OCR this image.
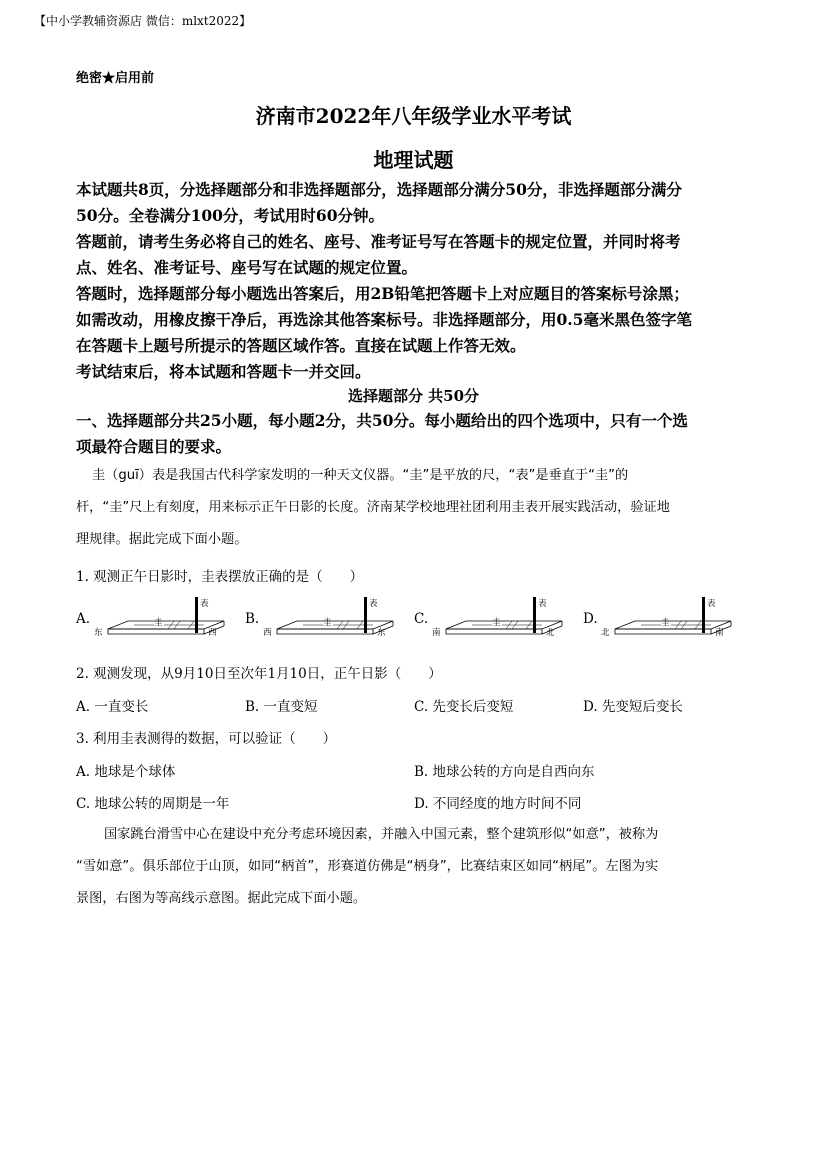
【中小学教辅资源店 微信：mlxt2022】
绝密★启用前
济南市2022年八年级学业水平考试
地理试题
本试题共8页，分选择题部分和非选择题部分，选择题部分满分50分，非选择题部分满分
50分。全卷满分100分，考试用时60分钟。
答题前，请考生务必将自己的姓名、座号、准考证号写在答题卡的规定位置，并同时将考
点、姓名、准考证号、座号写在试题的规定位置。
答题时，选择题部分每小题选出答案后，用2B铅笔把答题卡上对应题目的答案标号涂黑；
如需改动，用橡皮擦干净后，再选涂其他答案标号。非选择题部分，用0.5毫米黑色签字笔
在答题卡上题号所提示的答题区域作答。直接在试题上作答无效。
考试结束后，将本试题和答题卡一并交回。
选择题部分 共50分
一、选择题部分共25小题，每小题2分，共50分。每小题给出的四个选项中，只有一个选
项最符合题目的要求。
圭（guī）表是我国古代科学家发明的一种天文仪器。“圭”是平放的尺，“表”是垂直于“圭”的
杆，“圭”尺上有刻度，用来标示正午日影的长度。济南某学校地理社团利用圭表开展实践活动，验证地
理规律。据此完成下面小题。
1. 观测正午日影时，圭表摆放正确的是（　　）
A.
东	西
圭
表
B.
西	东
圭
表
C.
南	北
圭
表
D.
北	南
圭
表
2. 观测发现，从9月10日至次年1月10日，正午日影（　　）
A. 一直变长	B. 一直变短	C. 先变长后变短	D. 先变短后变长
3. 利用圭表测得的数据，可以验证（　　）
A. 地球是个球体	B. 地球公转的方向是自西向东
C. 地球公转的周期是一年	D. 不同经度的地方时间不同
国家跳台滑雪中心在建设中充分考虑环境因素，并融入中国元素，整个建筑形似“如意”，被称为
“雪如意”。俱乐部位于山顶，如同“柄首”，形赛道仿佛是“柄身”，比赛结束区如同“柄尾”。左图为实
景图，右图为等高线示意图。据此完成下面小题。
